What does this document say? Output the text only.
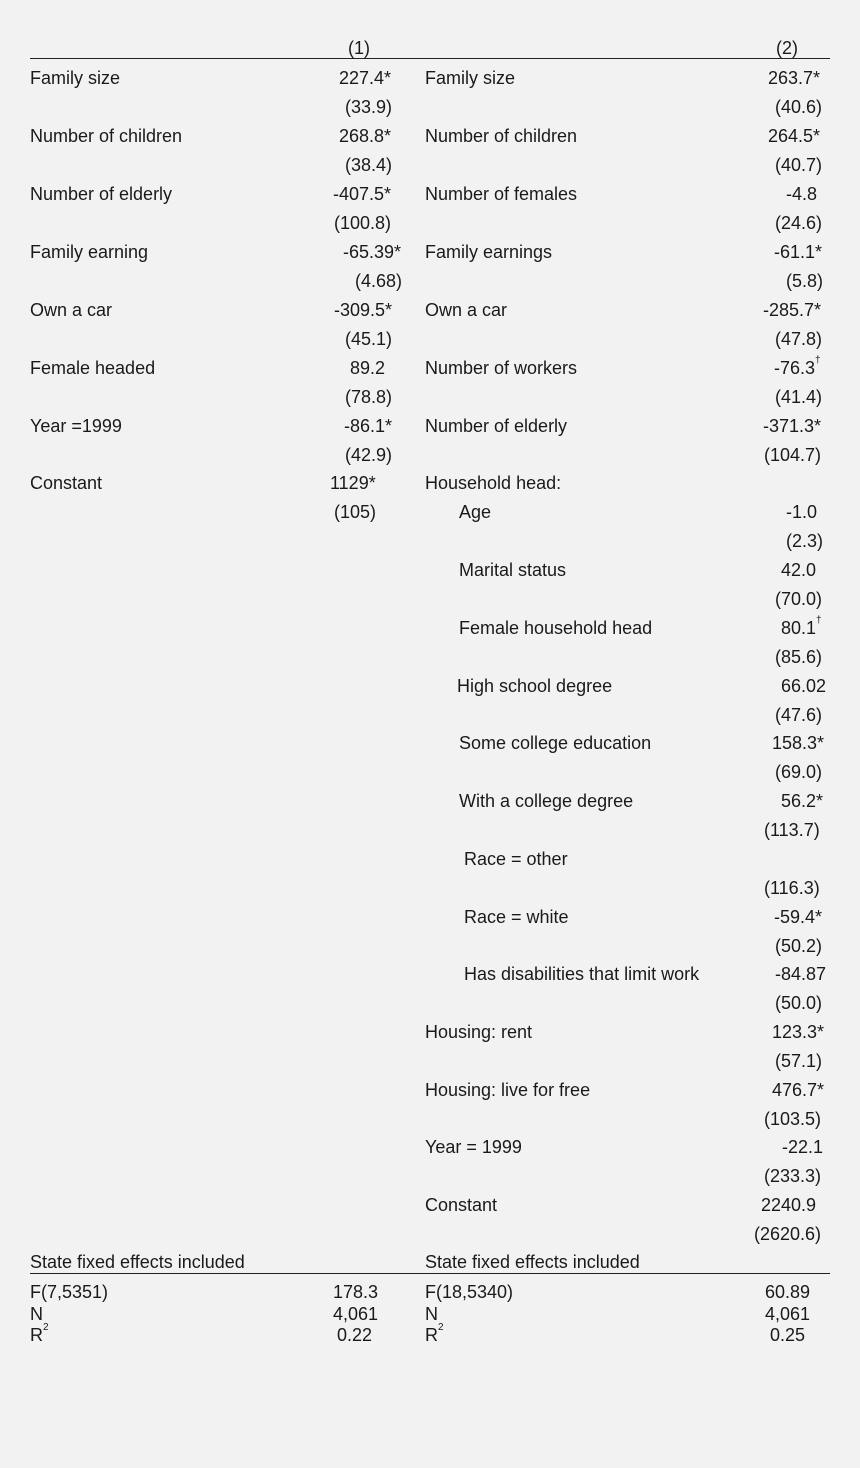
(1)	(2)
Family size	227.4*
(33.9)
Number of children	268.8*
(38.4)
Number of elderly	-407.5*
(100.8)
Family earning	-65.39*
(4.68)
Own a car	-309.5*
(45.1)
Female headed	89.2
(78.8)
Year =1999	-86.1*
(42.9)
Constant	1129*
(105)
Family size	263.7*
(40.6)
Number of children	264.5*
(40.7)
Number of females	-4.8
(24.6)
Family earnings	-61.1*
(5.8)
Own a car	-285.7*
(47.8)
Number of workers	-76.3†
(41.4)
Number of elderly	-371.3*
(104.7)
Household head:
Age	-1.0
(2.3)
Marital status	42.0
(70.0)
Female household head	80.1†
(85.6)
High school degree	66.02
(47.6)
Some college education	158.3*
(69.0)
With a college degree	56.2*
(113.7)
Race = other
(116.3)
Race = white	-59.4*
(50.2)
Has disabilities that limit work	-84.87
(50.0)
Housing: rent	123.3*
(57.1)
Housing: live for free	476.7*
(103.5)
Year = 1999	-22.1
(233.3)
Constant	2240.9
(2620.6)
State fixed effects included	State fixed effects included
F(7,5351)	178.3
N	4,061
$R^2$	0.22
F(18,5340)	60.89
N	4,061
$R^2$	0.25
